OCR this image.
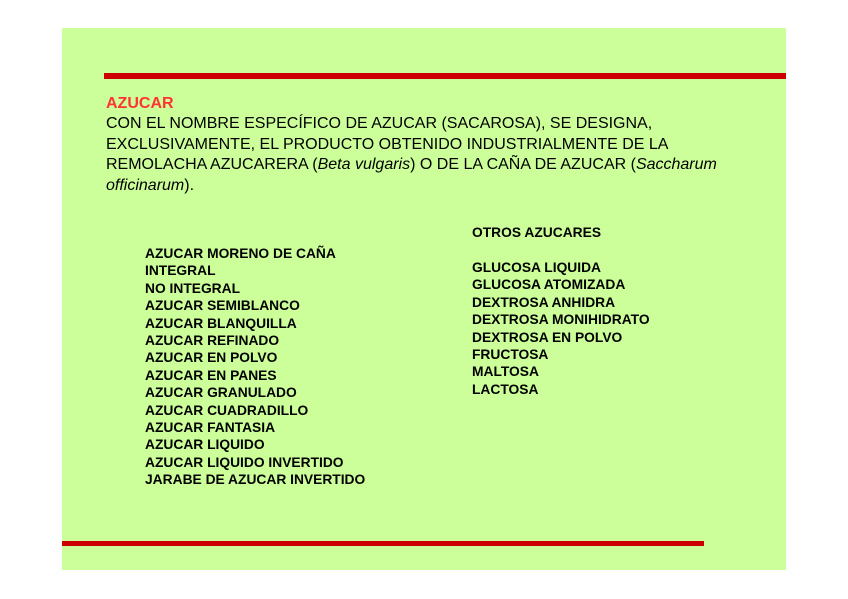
AZUCAR
CON EL NOMBRE ESPECÍFICO DE AZUCAR (SACAROSA), SE DESIGNA, EXCLUSIVAMENTE, EL PRODUCTO OBTENIDO INDUSTRIALMENTE DE LA REMOLACHA AZUCARERA (Beta vulgaris) O DE LA CAÑA DE AZUCAR (Saccharum officinarum).
AZUCAR MORENO DE CAÑA
INTEGRAL
NO INTEGRAL
AZUCAR SEMIBLANCO
AZUCAR BLANQUILLA
AZUCAR REFINADO
AZUCAR EN POLVO
AZUCAR EN PANES
AZUCAR GRANULADO
AZUCAR CUADRADILLO
AZUCAR FANTASIA
AZUCAR LIQUIDO
AZUCAR LIQUIDO INVERTIDO
JARABE DE AZUCAR INVERTIDO
OTROS AZUCARES
GLUCOSA LIQUIDA
GLUCOSA ATOMIZADA
DEXTROSA ANHIDRA
DEXTROSA MONIHIDRATO
DEXTROSA EN POLVO
FRUCTOSA
MALTOSA
LACTOSA
